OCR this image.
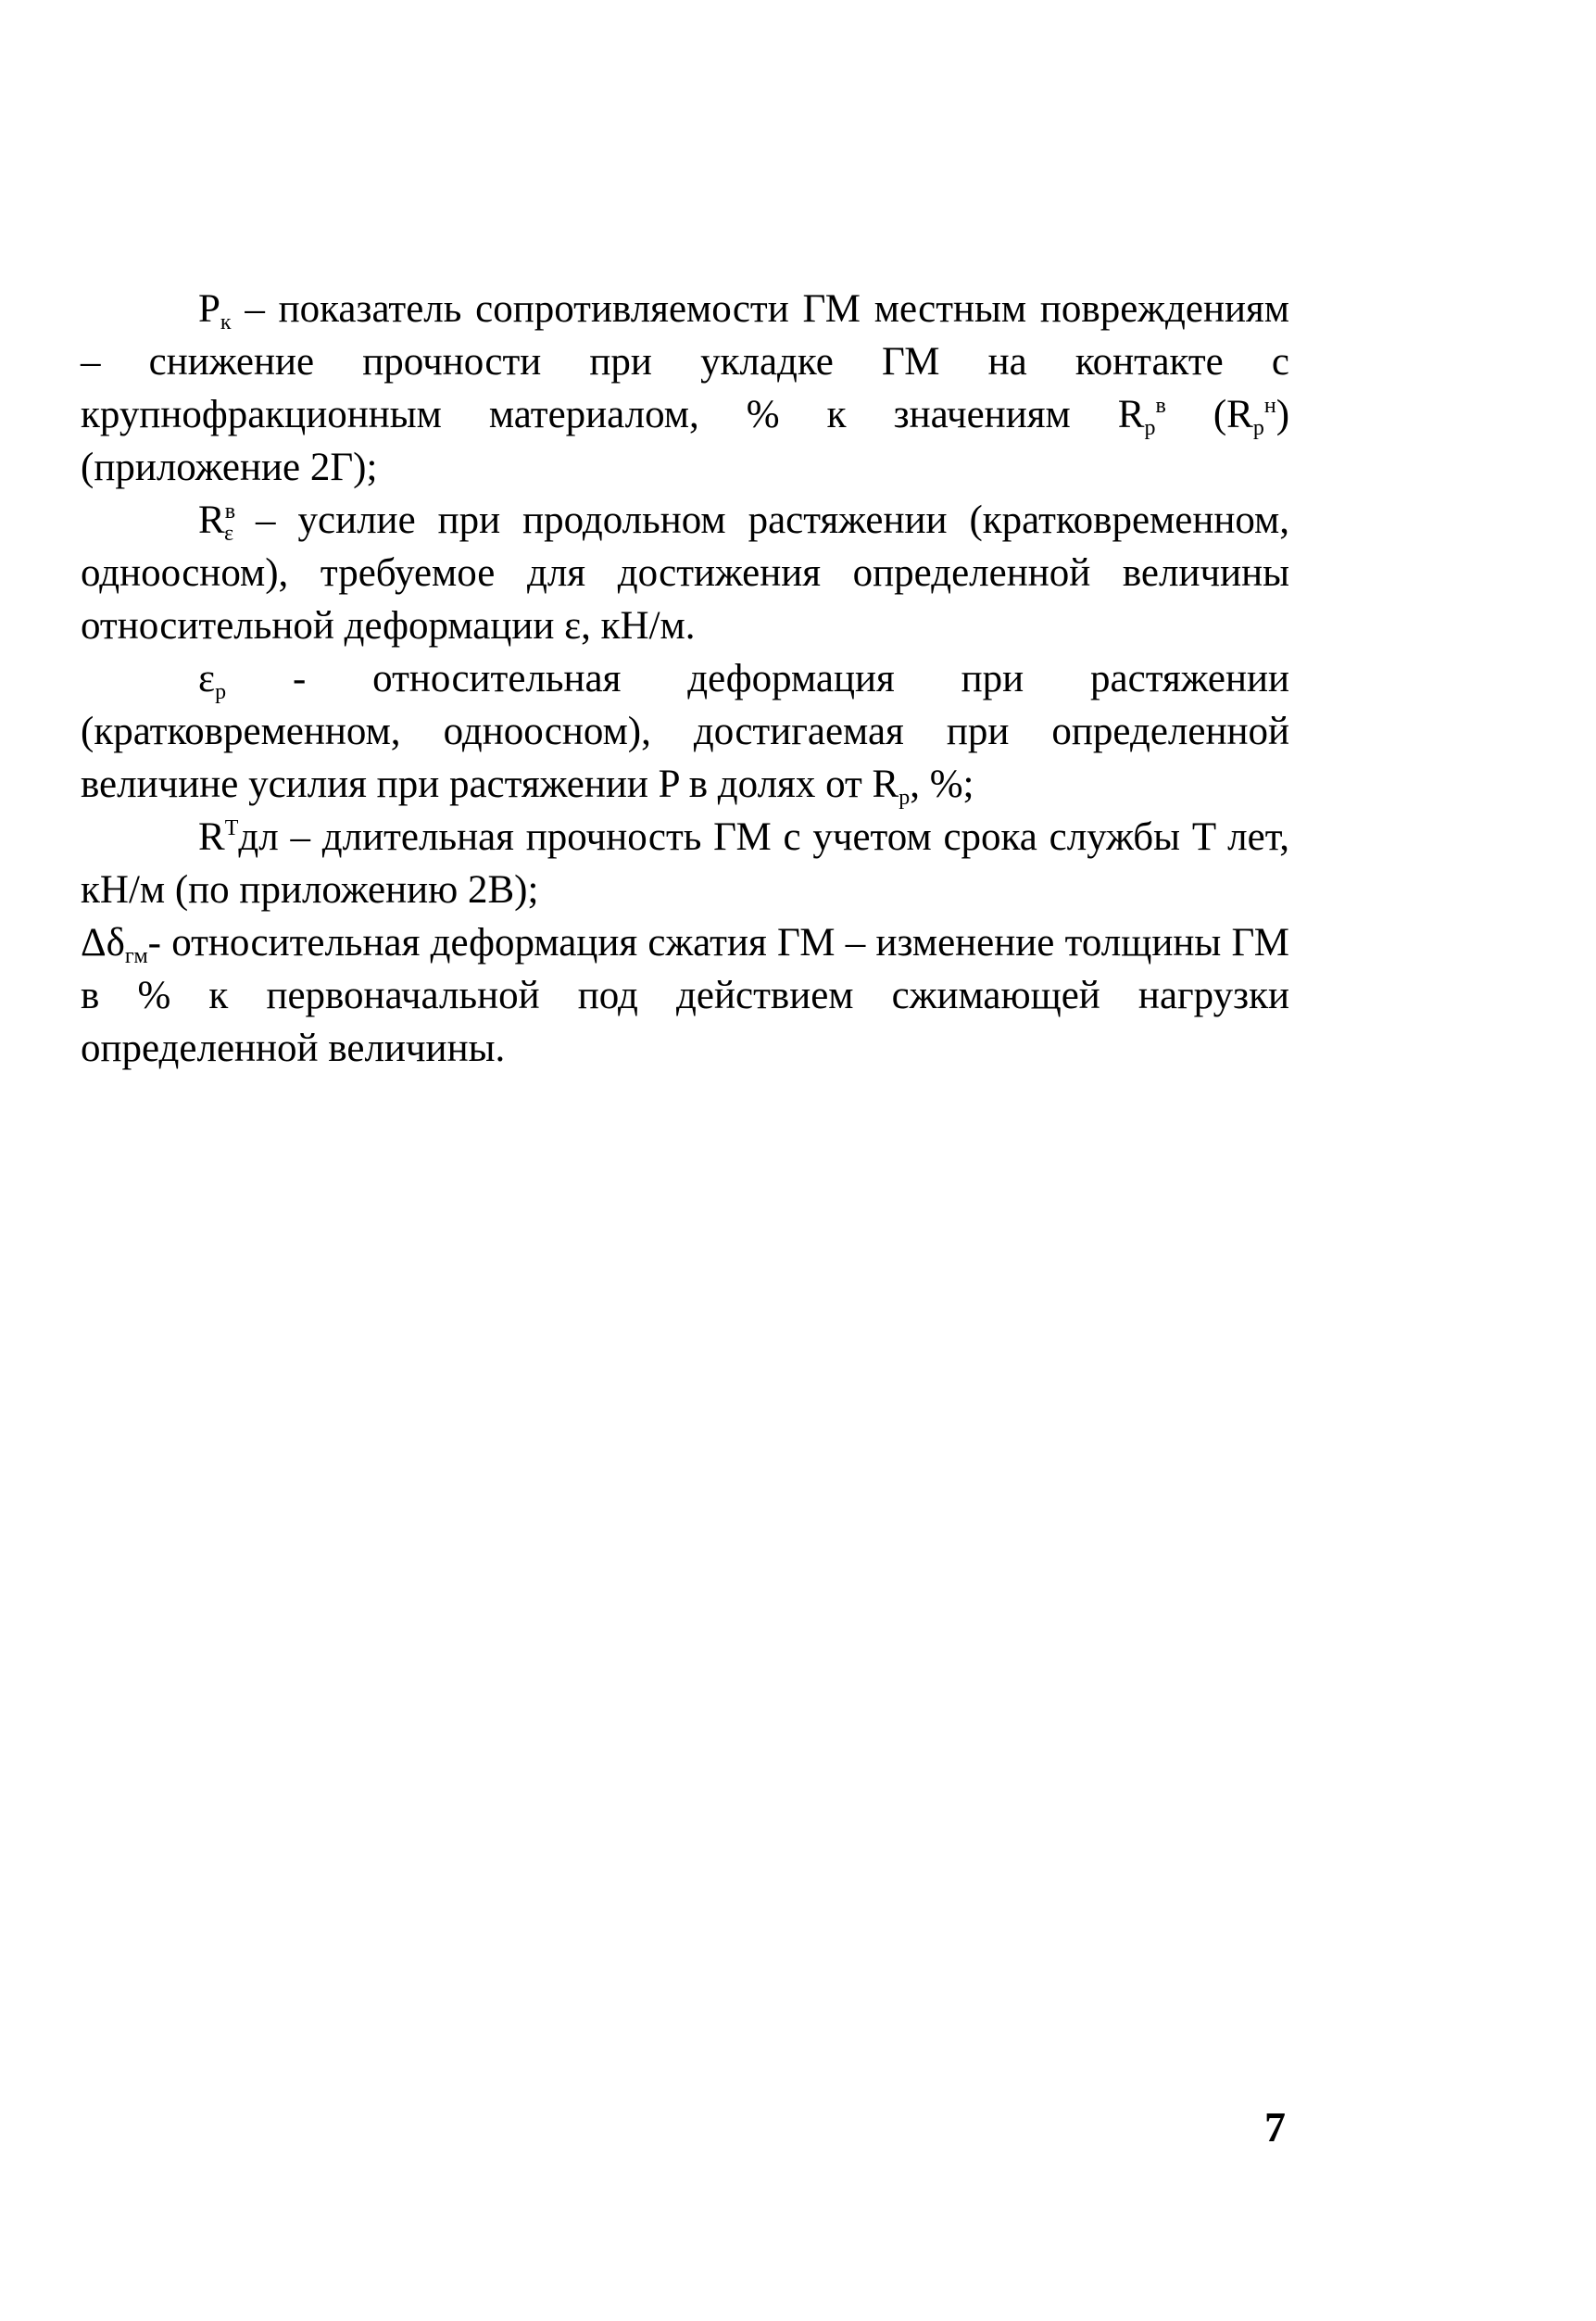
$P_к$ – показатель сопротивляемости ГМ местным повреждениям – снижение прочности при укладке ГМ на контакте с крупнофракционным материалом, % к значениям $R_р^в$ $(R_р^н)$ (приложение 2Г);

$R^в_\varepsilon$ – усилие при продольном растяжении (кратковременном, одноосном), требуемое для достижения определенной величины относительной деформации ε, кН/м.

$\varepsilon_р$ - относительная деформация при растяжении (кратковременном, одноосном), достигаемая при определенной величине усилия при растяжении P в долях от $R_р$, %;

$R^Тдл$ – длительная прочность ГМ с учетом срока службы T лет, кН/м (по приложению 2В);

$\Delta\delta_{гм}-$ относительная деформация сжатия ГМ – изменение толщины ГМ в % к первоначальной под действием сжимающей нагрузки определенной величины.

7
